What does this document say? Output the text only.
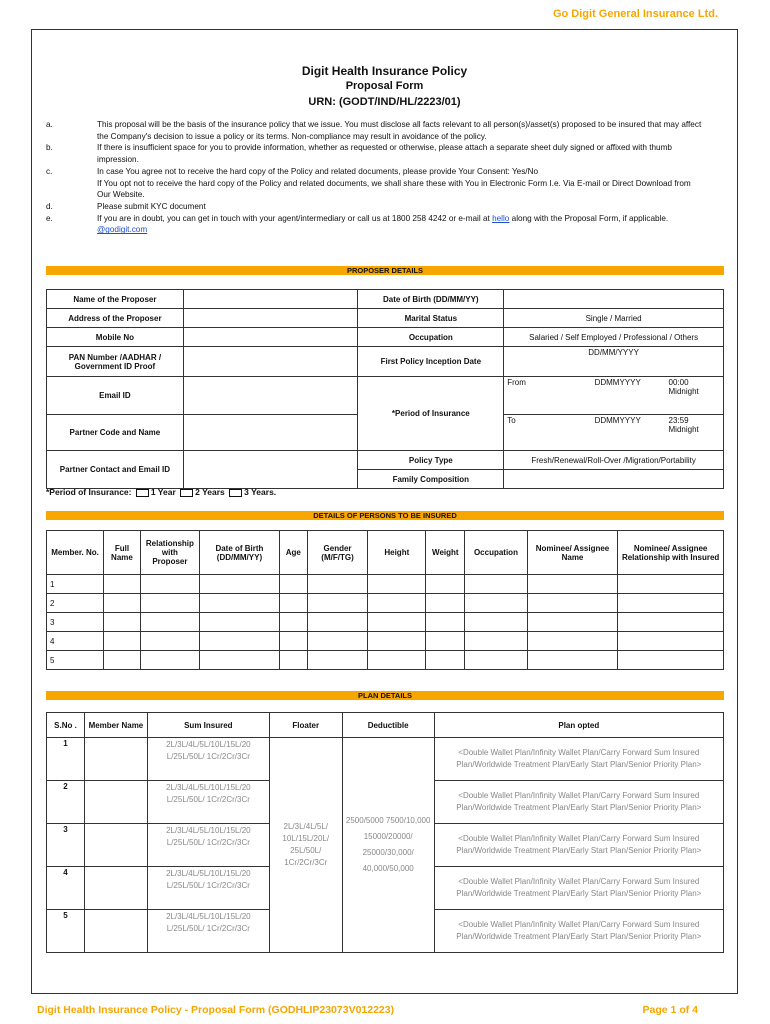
Go Digit General Insurance Ltd.
Digit Health Insurance Policy
Proposal Form
URN: (GODT/IND/HL/2223/01)
a.	This proposal will be the basis of the insurance policy that we issue. You must disclose all facts relevant to all person(s)/asset(s) proposed to be insured that may affect the Company's decision to issue a policy or its terms. Non-compliance may result in avoidance of the policy.
b.	If there is insufficient space for you to provide information, whether as requested or otherwise, please attach a separate sheet duly signed or affixed with thumb impression.
c.	In case You agree not to receive the hard copy of the Policy and related documents, please provide Your Consent: Yes/No
If You opt not to receive the hard copy of the Policy and related documents, we shall share these with You in Electronic Form I.e. Via E-mail or Direct Download from Our Website.
d.	Please submit KYC document
e.	If you are in doubt, you can get in touch with your agent/intermediary or call us at 1800 258 4242 or e-mail at hello along with the Proposal Form, if applicable. @godigit.com
PROPOSER DETAILS
Name of the Proposer		Date of Birth (DD/MM/YY)			
Address of the Proposer		Marital Status	Single / Married		
Mobile No		Occupation	Salaried / Self Employed / Professional / Others		
PAN Number /AADHAR / Government ID Proof		First Policy Inception Date	DD/MM/YYYY		
Email ID		*Period of Insurance	From	DDMMYYYY	00:00 Midnight

Partner Code and Name			To	DDMMYYYY	23:59 Midnight

Partner Contact and Email ID		Policy Type	Fresh/Renewal/Roll-Over /Migration/Portability		
		Family Composition			
*Period of Insurance: 1 Year 2 Years 3 Years.
DETAILS OF PERSONS TO BE INSURED
Member. No.	Full Name	Relationship with Proposer	Date of Birth (DD/MM/YY)	Age	Gender (M/F/TG)	Height	Weight	Occupation	Nominee/ Assignee Name	Nominee/ Assignee Relationship with Insured
1										
2										
3										
4										
5										
PLAN DETAILS
S.No .	Member Name	Sum Insured	Floater	Deductible	Plan opted
1		2L/3L/4L/5L/10L/15L/20 L/25L/50L/ 1Cr/2Cr/3Cr	2L/3L/4L/5L/ 10L/15L/20L/ 25L/50L/ 1Cr/2Cr/3Cr	2500/5000 7500/10,000 15000/20000/ 25000/30,000/ 40,000/50,000	<Double Wallet Plan/Infinity Wallet Plan/Carry Forward Sum Insured Plan/Worldwide Treatment Plan/Early Start Plan/Senior Priority Plan>
2		2L/3L/4L/5L/10L/15L/20 L/25L/50L/ 1Cr/2Cr/3Cr			<Double Wallet Plan/Infinity Wallet Plan/Carry Forward Sum Insured Plan/Worldwide Treatment Plan/Early Start Plan/Senior Priority Plan>
3		2L/3L/4L/5L/10L/15L/20 L/25L/50L/ 1Cr/2Cr/3Cr			<Double Wallet Plan/Infinity Wallet Plan/Carry Forward Sum Insured Plan/Worldwide Treatment Plan/Early Start Plan/Senior Priority Plan>
4		2L/3L/4L/5L/10L/15L/20 L/25L/50L/ 1Cr/2Cr/3Cr			<Double Wallet Plan/Infinity Wallet Plan/Carry Forward Sum Insured Plan/Worldwide Treatment Plan/Early Start Plan/Senior Priority Plan>
5		2L/3L/4L/5L/10L/15L/20 L/25L/50L/ 1Cr/2Cr/3Cr			<Double Wallet Plan/Infinity Wallet Plan/Carry Forward Sum Insured Plan/Worldwide Treatment Plan/Early Start Plan/Senior Priority Plan>
Digit Health Insurance Policy - Proposal Form (GODHLIP23073V012223)	Page 1 of 4
